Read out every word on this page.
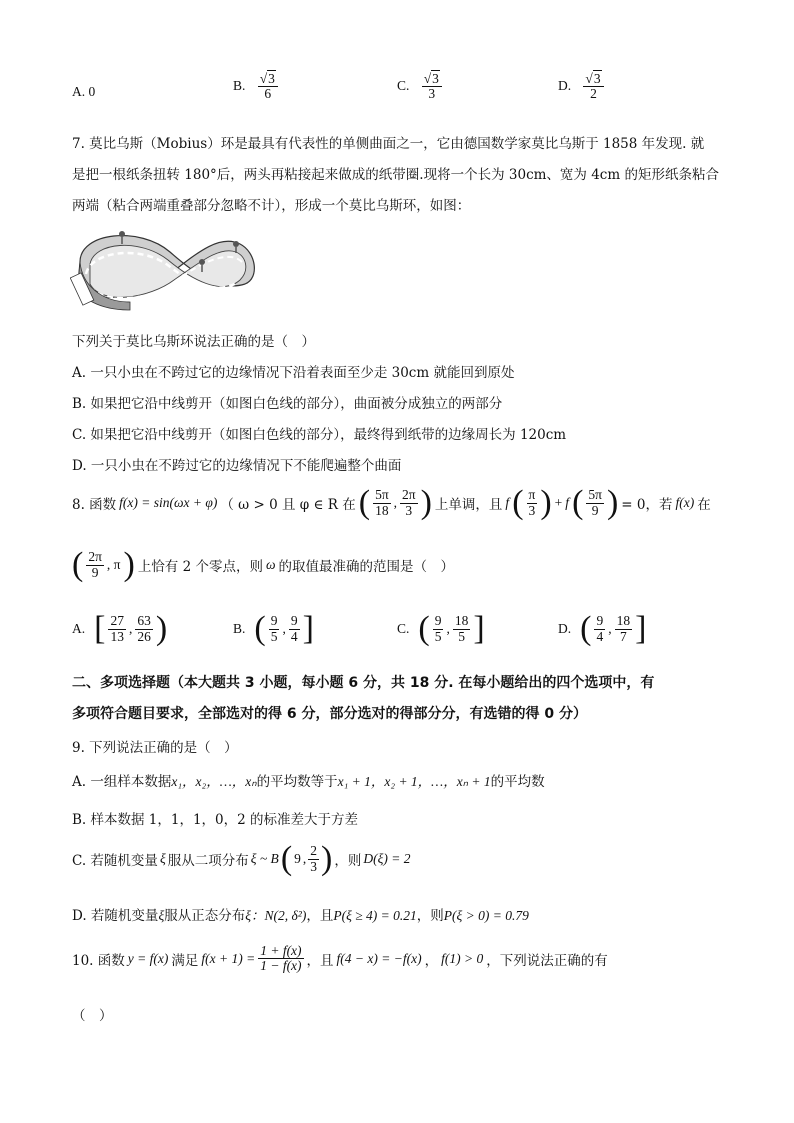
A. 0	B. $\frac{√3}{6}$	C. $\frac{√3}{3}$	D. $\frac{√3}{2}$
7. 莫比乌斯（Mobius）环是最具有代表性的单侧曲面之一，它由德国数学家莫比乌斯于 1858 年发现. 就
是把一根纸条扭转 180°后，两头再粘接起来做成的纸带圈.现将一个长为 30cm、宽为 4cm 的矩形纸条粘合
两端（粘合两端重叠部分忽略不计），形成一个莫比乌斯环，如图：
下列关于莫比乌斯环说法正确的是（　）
A. 一只小虫在不跨过它的边缘情况下沿着表面至少走 30cm 就能回到原处
B. 如果把它沿中线剪开（如图白色线的部分），曲面被分成独立的两部分
C. 如果把它沿中线剪开（如图白色线的部分），最终得到纸带的边缘周长为 120cm
D. 一只小虫在不跨过它的边缘情况下不能爬遍整个曲面
8. 函数 f(x) = sin(ωx + φ) （ ω > 0 且 φ ∈ R 在 ( $\frac{5\pi}{18}$ , $\frac{2\pi}{3}$ ) 上单调，且 f ( $\frac{\pi}{3}$ ) + f ( $\frac{5\pi}{9}$ ) = 0，若 f(x) 在
( $\frac{2\pi}{9}$ , π ) 上恰有 2 个零点，则 ω 的取值最准确的范围是（　）
A. [ $\frac{27}{13}$ , $\frac{63}{26}$ )	B. ( $\frac{9}{5}$ , $\frac{9}{4}$ ]	C. ( $\frac{9}{5}$ , $\frac{18}{5}$ ]	D. ( $\frac{9}{4}$ , $\frac{18}{7}$ ]
二、多项选择题（本大题共 3 小题，每小题 6 分，共 18 分. 在每小题给出的四个选项中，有
多项符合题目要求，全部选对的得 6 分，部分选对的得部分分，有选错的得 0 分）
9. 下列说法正确的是（　）
A. 一组样本数据x₁，x₂，…，xₙ的平均数等于x₁ + 1，x₂ + 1，…，xₙ + 1的平均数
B. 样本数据 1，1，1，0，2 的标准差大于方差
C. 若随机变量 ξ 服从二项分布 ξ ~ B ( 9 , $\frac{2}{3}$ ) ，则 D(ξ) = 2
D. 若随机变量ξ服从正态分布ξ：N(2, δ²)，且P(ξ ≥ 4) = 0.21，则P(ξ > 0) = 0.79
10. 函数 y = f(x) 满足 $f(x + 1) = \frac{1 + f(x)}{1 - f(x)}$ ，且 f(4 − x) = −f(x) ， f(1) > 0 ，下列说法正确的有
（　）
